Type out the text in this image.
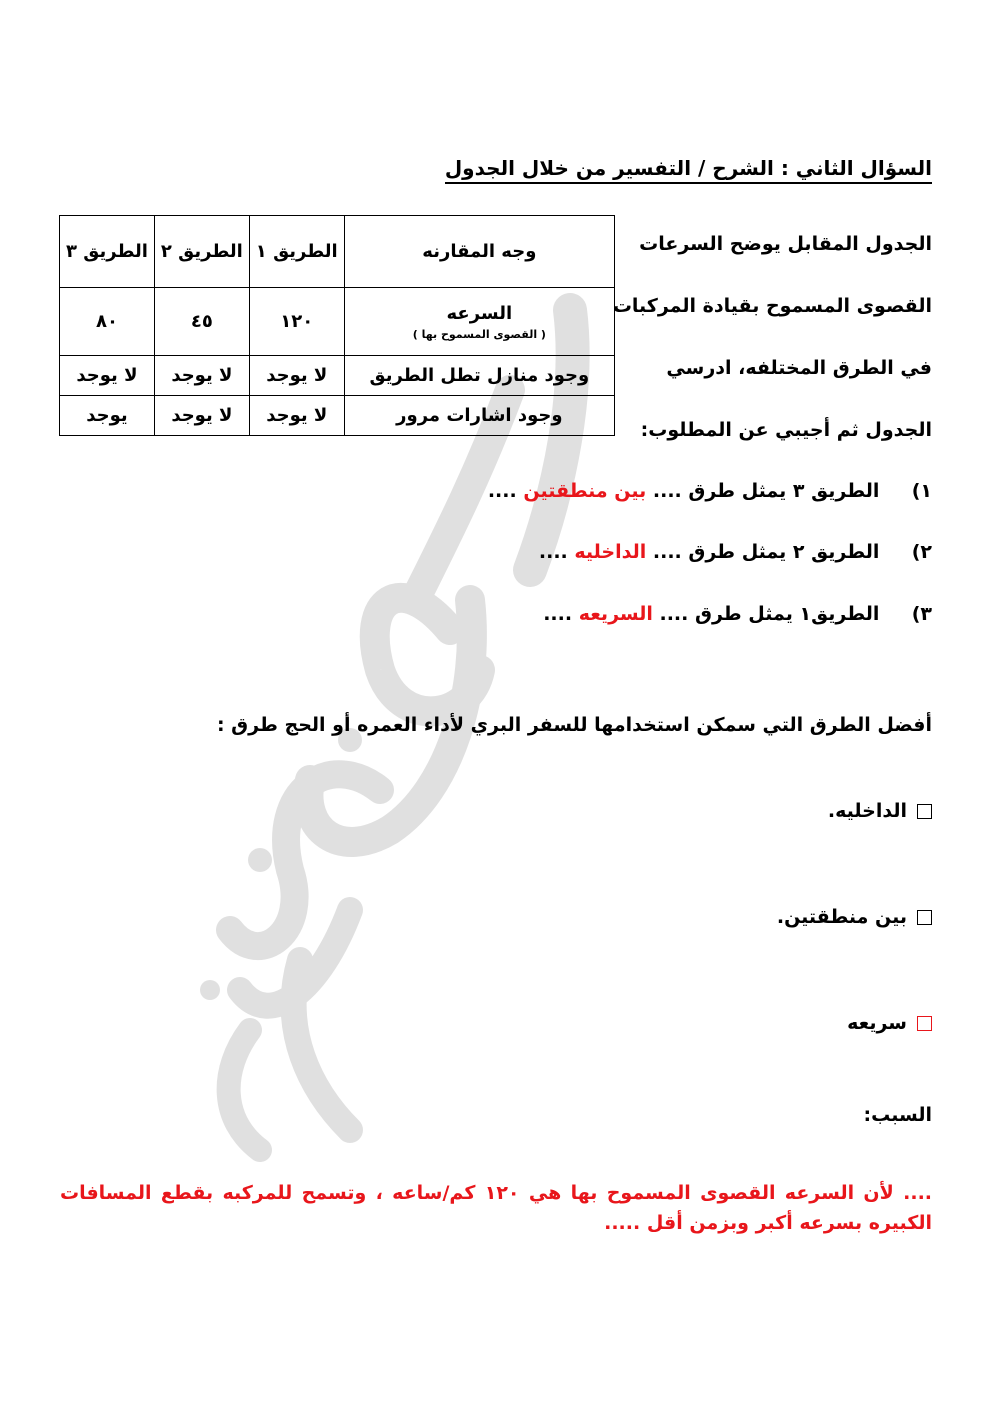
السؤال الثاني : الشرح / التفسير من خلال الجدول
الجدول المقابل يوضح السرعات
القصوى المسموح بقيادة المركبات
في الطرق المختلفه، ادرسي
الجدول ثم أجيبي عن المطلوب:
وجه المقارنه	الطريق ١	الطريق ٢	الطريق ٣
السرعه
( القصوى المسموح بها )	١٢٠	٤٥	٨٠
وجود منازل تطل الطريق	لا يوجد	لا يوجد	لا يوجد
وجود اشارات مرور	لا يوجد	لا يوجد	يوجد
١) الطريق ٣ يمثل طرق .... بين منطقتين ....
٢) الطريق ٢ يمثل طرق .... الداخليه ....
٣) الطريق١ يمثل طرق .... السريعه ....
أفضل الطرق التي سمكن استخدامها للسفر البري لأداء العمره أو الحج طرق :
الداخليه.
بين منطقتين.
سريعه
السبب:
.... لأن السرعه القصوى المسموح بها هي ١٢٠ كم/ساعه ، وتسمح للمركبه بقطع المسافات الكبيره بسرعه أكبر وبزمن أقل .....
